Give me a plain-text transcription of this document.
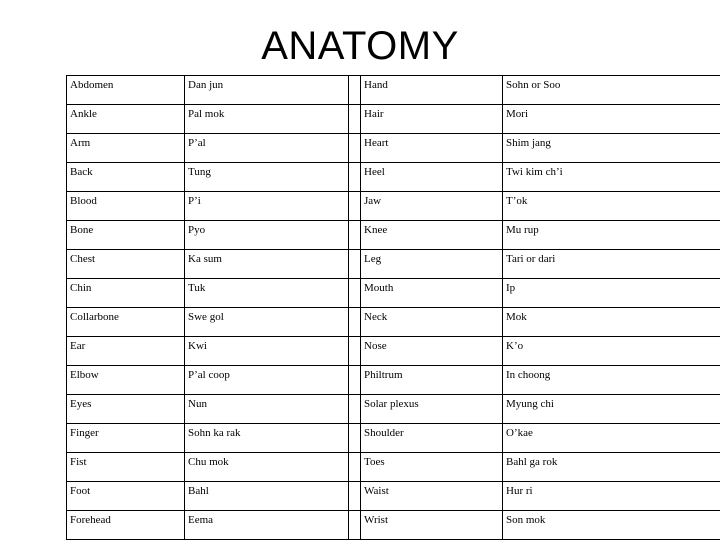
ANATOMY
Abdomen	Dan jun		Hand	Sohn or Soo
Ankle	Pal mok		Hair	Mori
Arm	P’al		Heart	Shim jang
Back	Tung		Heel	Twi kim ch’i
Blood	P’i		Jaw	T’ok
Bone	Pyo		Knee	Mu rup
Chest	Ka sum		Leg	Tari or dari
Chin	Tuk		Mouth	Ip
Collarbone	Swe gol		Neck	Mok
Ear	Kwi		Nose	K’o
Elbow	P’al coop		Philtrum	In choong
Eyes	Nun		Solar plexus	Myung chi
Finger	Sohn ka rak		Shoulder	O’kae
Fist	Chu mok		Toes	Bahl ga rok
Foot	Bahl		Waist	Hur ri
Forehead	Eema		Wrist	Son mok
